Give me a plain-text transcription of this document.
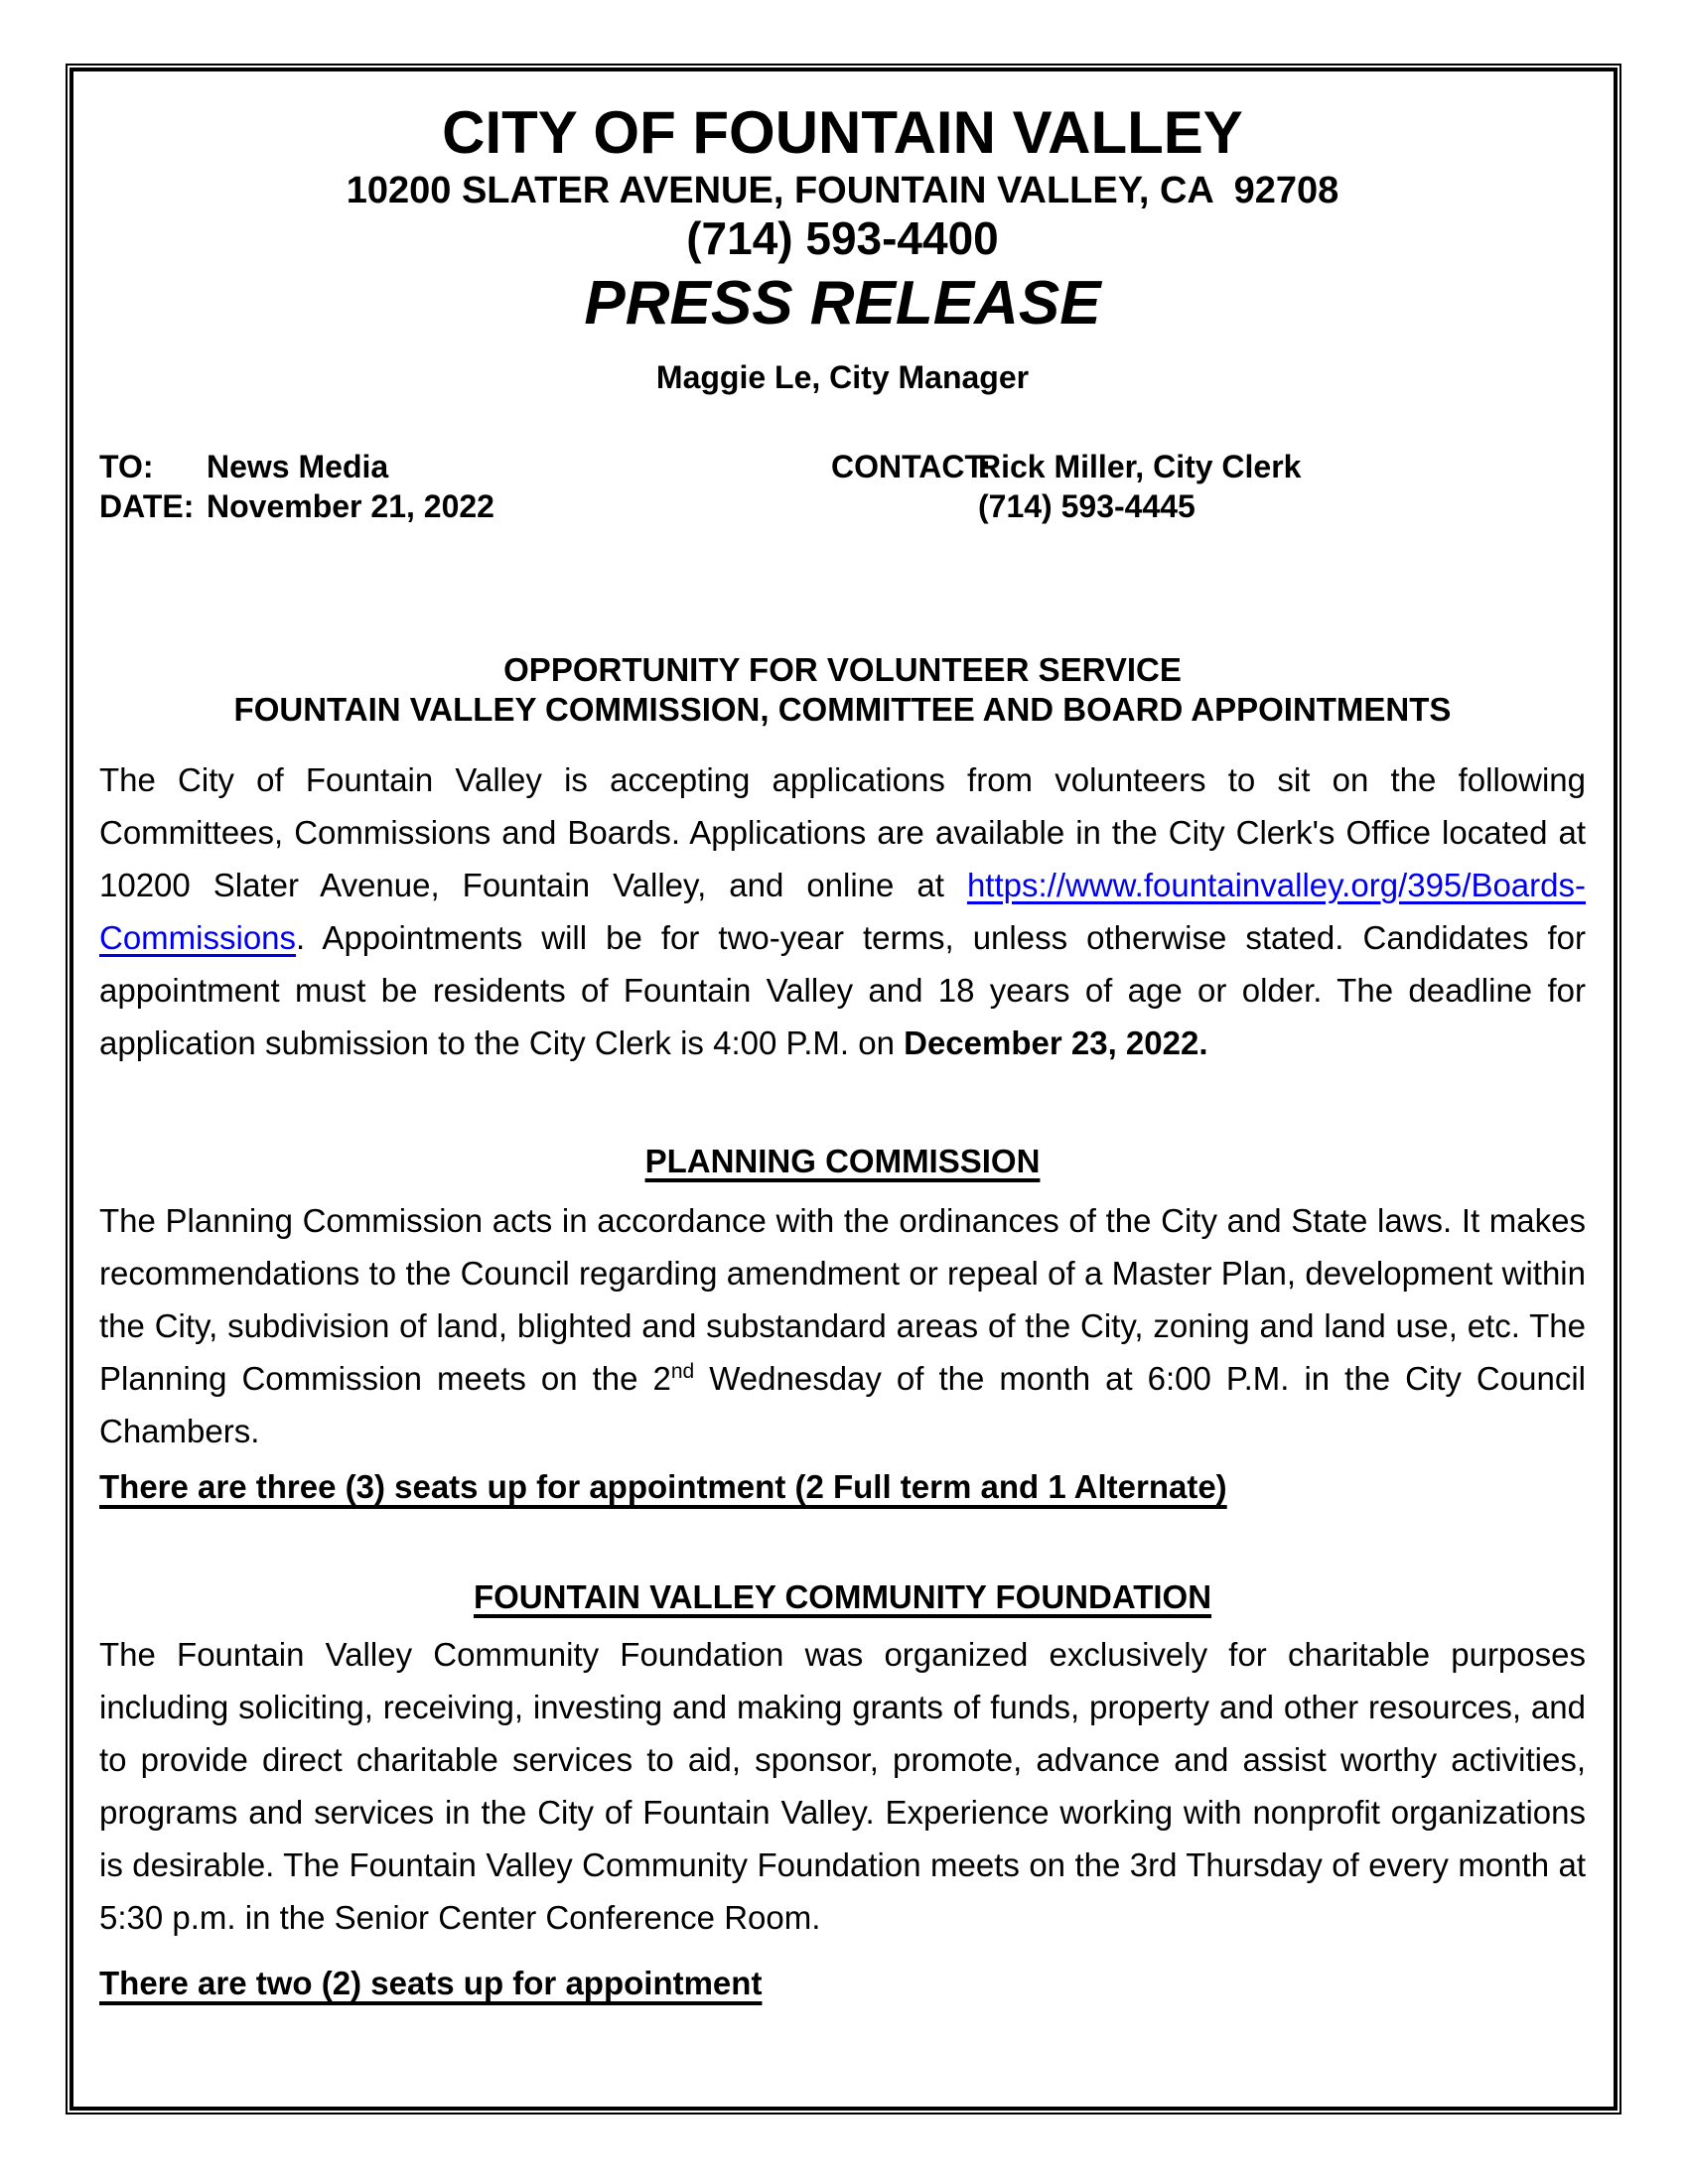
CITY OF FOUNTAIN VALLEY
10200 SLATER AVENUE, FOUNTAIN VALLEY, CA  92708
(714) 593-4400
PRESS RELEASE
Maggie Le, City Manager
TO:	News Media
DATE: November 21, 2022
CONTACT:
Rick Miller, City Clerk
(714) 593-4445
OPPORTUNITY FOR VOLUNTEER SERVICE
FOUNTAIN VALLEY COMMISSION, COMMITTEE AND BOARD APPOINTMENTS

The City of Fountain Valley is accepting applications from volunteers to sit on the following Committees, Commissions and Boards. Applications are available in the City Clerk's Office located at 10200 Slater Avenue, Fountain Valley, and online at https://www.fountainvalley.org/395/Boards-Commissions. Appointments will be for two-year terms, unless otherwise stated. Candidates for appointment must be residents of Fountain Valley and 18 years of age or older. The deadline for application submission to the City Clerk is 4:00 P.M. on December 23, 2022.

PLANNING COMMISSION

The Planning Commission acts in accordance with the ordinances of the City and State laws. It makes recommendations to the Council regarding amendment or repeal of a Master Plan, development within the City, subdivision of land, blighted and substandard areas of the City, zoning and land use, etc. The Planning Commission meets on the 2nd Wednesday of the month at 6:00 P.M. in the City Council Chambers.

There are three (3) seats up for appointment (2 Full term and 1 Alternate)
FOUNTAIN VALLEY COMMUNITY FOUNDATION

The Fountain Valley Community Foundation was organized exclusively for charitable purposes including soliciting, receiving, investing and making grants of funds, property and other resources, and to provide direct charitable services to aid, sponsor, promote, advance and assist worthy activities, programs and services in the City of Fountain Valley. Experience working with nonprofit organizations is desirable. The Fountain Valley Community Foundation meets on the 3rd Thursday of every month at 5:30 p.m. in the Senior Center Conference Room.

There are two (2) seats up for appointment
